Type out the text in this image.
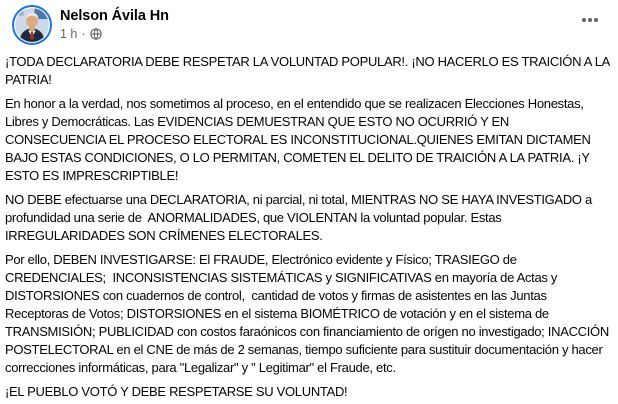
Nelson Ávila Hn
1 h ·

¡TODA DECLARATORIA DEBE RESPETAR LA VOLUNTAD POPULAR!. ¡NO HACERLO ES TRAICIÓN A LA PATRIA!

En honor a la verdad, nos sometimos al proceso, en el entendido que se realizacen Elecciones Honestas, Libres y Democráticas. Las EVIDENCIAS DEMUESTRAN QUE ESTO NO OCURRIÓ Y EN CONSECUENCIA EL PROCESO ELECTORAL ES INCONSTITUCIONAL.QUIENES EMITAN DICTAMEN BAJO ESTAS CONDICIONES, O LO PERMITAN, COMETEN EL DELITO DE TRAICIÓN A LA PATRIA. ¡Y ESTO ES IMPRESCRIPTIBLE!

NO DEBE efectuarse una DECLARATORIA, ni parcial, ni total, MIENTRAS NO SE HAYA INVESTIGADO a profundidad una serie de  ANORMALIDADES, que VIOLENTAN la voluntad popular. Estas IRREGULARIDADES SON CRÍMENES ELECTORALES.

Por ello, DEBEN INVESTIGARSE: El FRAUDE, Electrónico evidente y Físico; TRASIEGO de CREDENCIALES;  INCONSISTENCIAS SISTEMÁTICAS y SIGNIFICATIVAS en mayoría de Actas y DISTORSIONES con cuadernos de control,  cantidad de votos y firmas de asistentes en las Juntas Receptoras de Votos; DISTORSIONES en el sistema BIOMÉTRICO de votación y en el sistema de TRANSMISIÓN; PUBLICIDAD con costos faraónicos con financiamiento de orígen no investigado; INACCIÓN POSTELECTORAL en el CNE de más de 2 semanas, tiempo suficiente para sustituir documentación y hacer correcciones informáticas, para "Legalizar" y " Legitimar" el Fraude, etc.

¡EL PUEBLO VOTÓ Y DEBE RESPETARSE SU VOLUNTAD!
